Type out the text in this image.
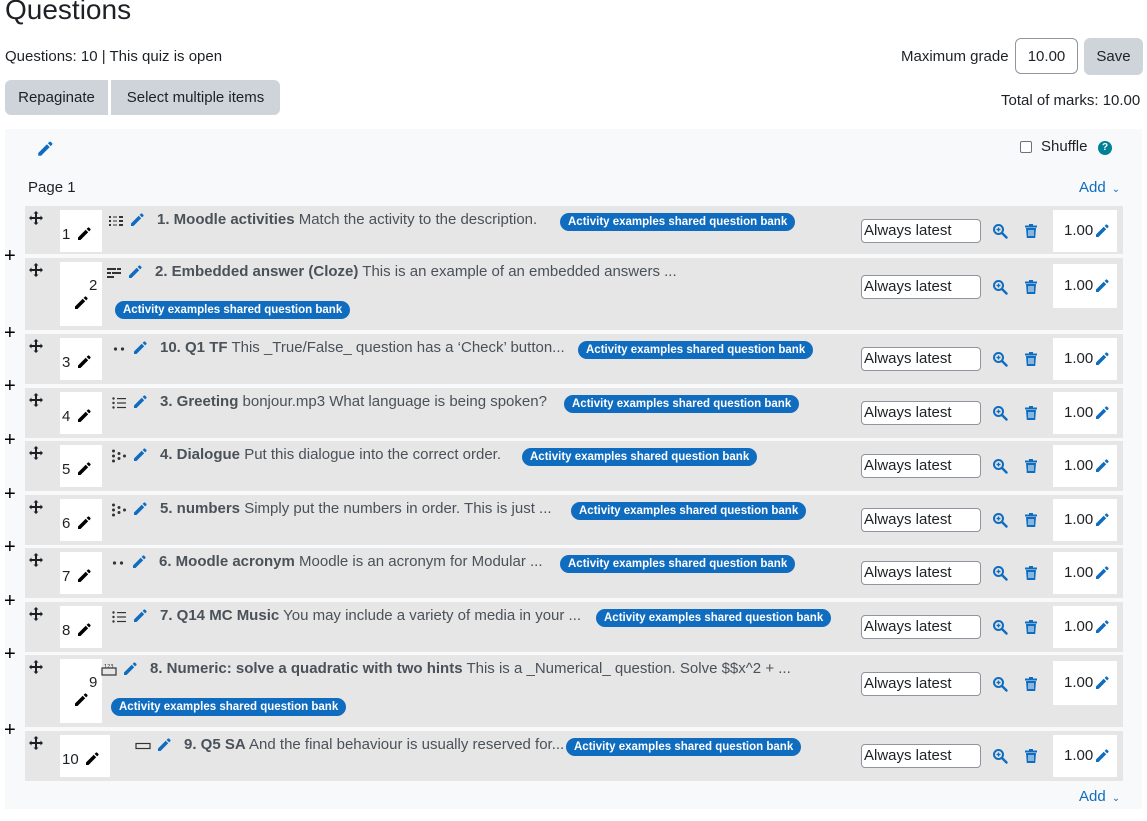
Questions
Questions: 10 | This quiz is open	Maximum grade
10.00	Save
Repaginate	Select multiple items	Total of marks: 10.00
Shuffle	?
Page 1	Add ⌄
Add ⌄
1
1. Moodle activities Match the activity to the description.	Activity examples shared question bank	Always latest	1.00
2
2. Embedded answer (Cloze) This is an example of an embedded answers ...
Activity examples shared question bank
Always latest	1.00
3
10. Q1 TF This _True/False_ question has a ‘Check’ button...	Activity examples shared question bank	Always latest	1.00
4
3. Greeting bonjour.mp3 What language is being spoken?	Activity examples shared question bank	Always latest	1.00
5
4. Dialogue Put this dialogue into the correct order.	Activity examples shared question bank	Always latest	1.00
6
5. numbers Simply put the numbers in order. This is just ...	Activity examples shared question bank	Always latest	1.00
7
6. Moodle acronym Moodle is an acronym for Modular ...	Activity examples shared question bank	Always latest	1.00
8
7. Q14 MC Music You may include a variety of media in your ...	Activity examples shared question bank	Always latest	1.00
9
123 8. Numeric: solve a quadratic with two hints This is a _Numerical_ question. Solve $$x^2 + ...
Activity examples shared question bank
Always latest	1.00
10
9. Q5 SA And the final behaviour is usually reserved for... Activity examples shared question bank	Always latest	1.00
+
+
+
+
+
+
+
+
+
